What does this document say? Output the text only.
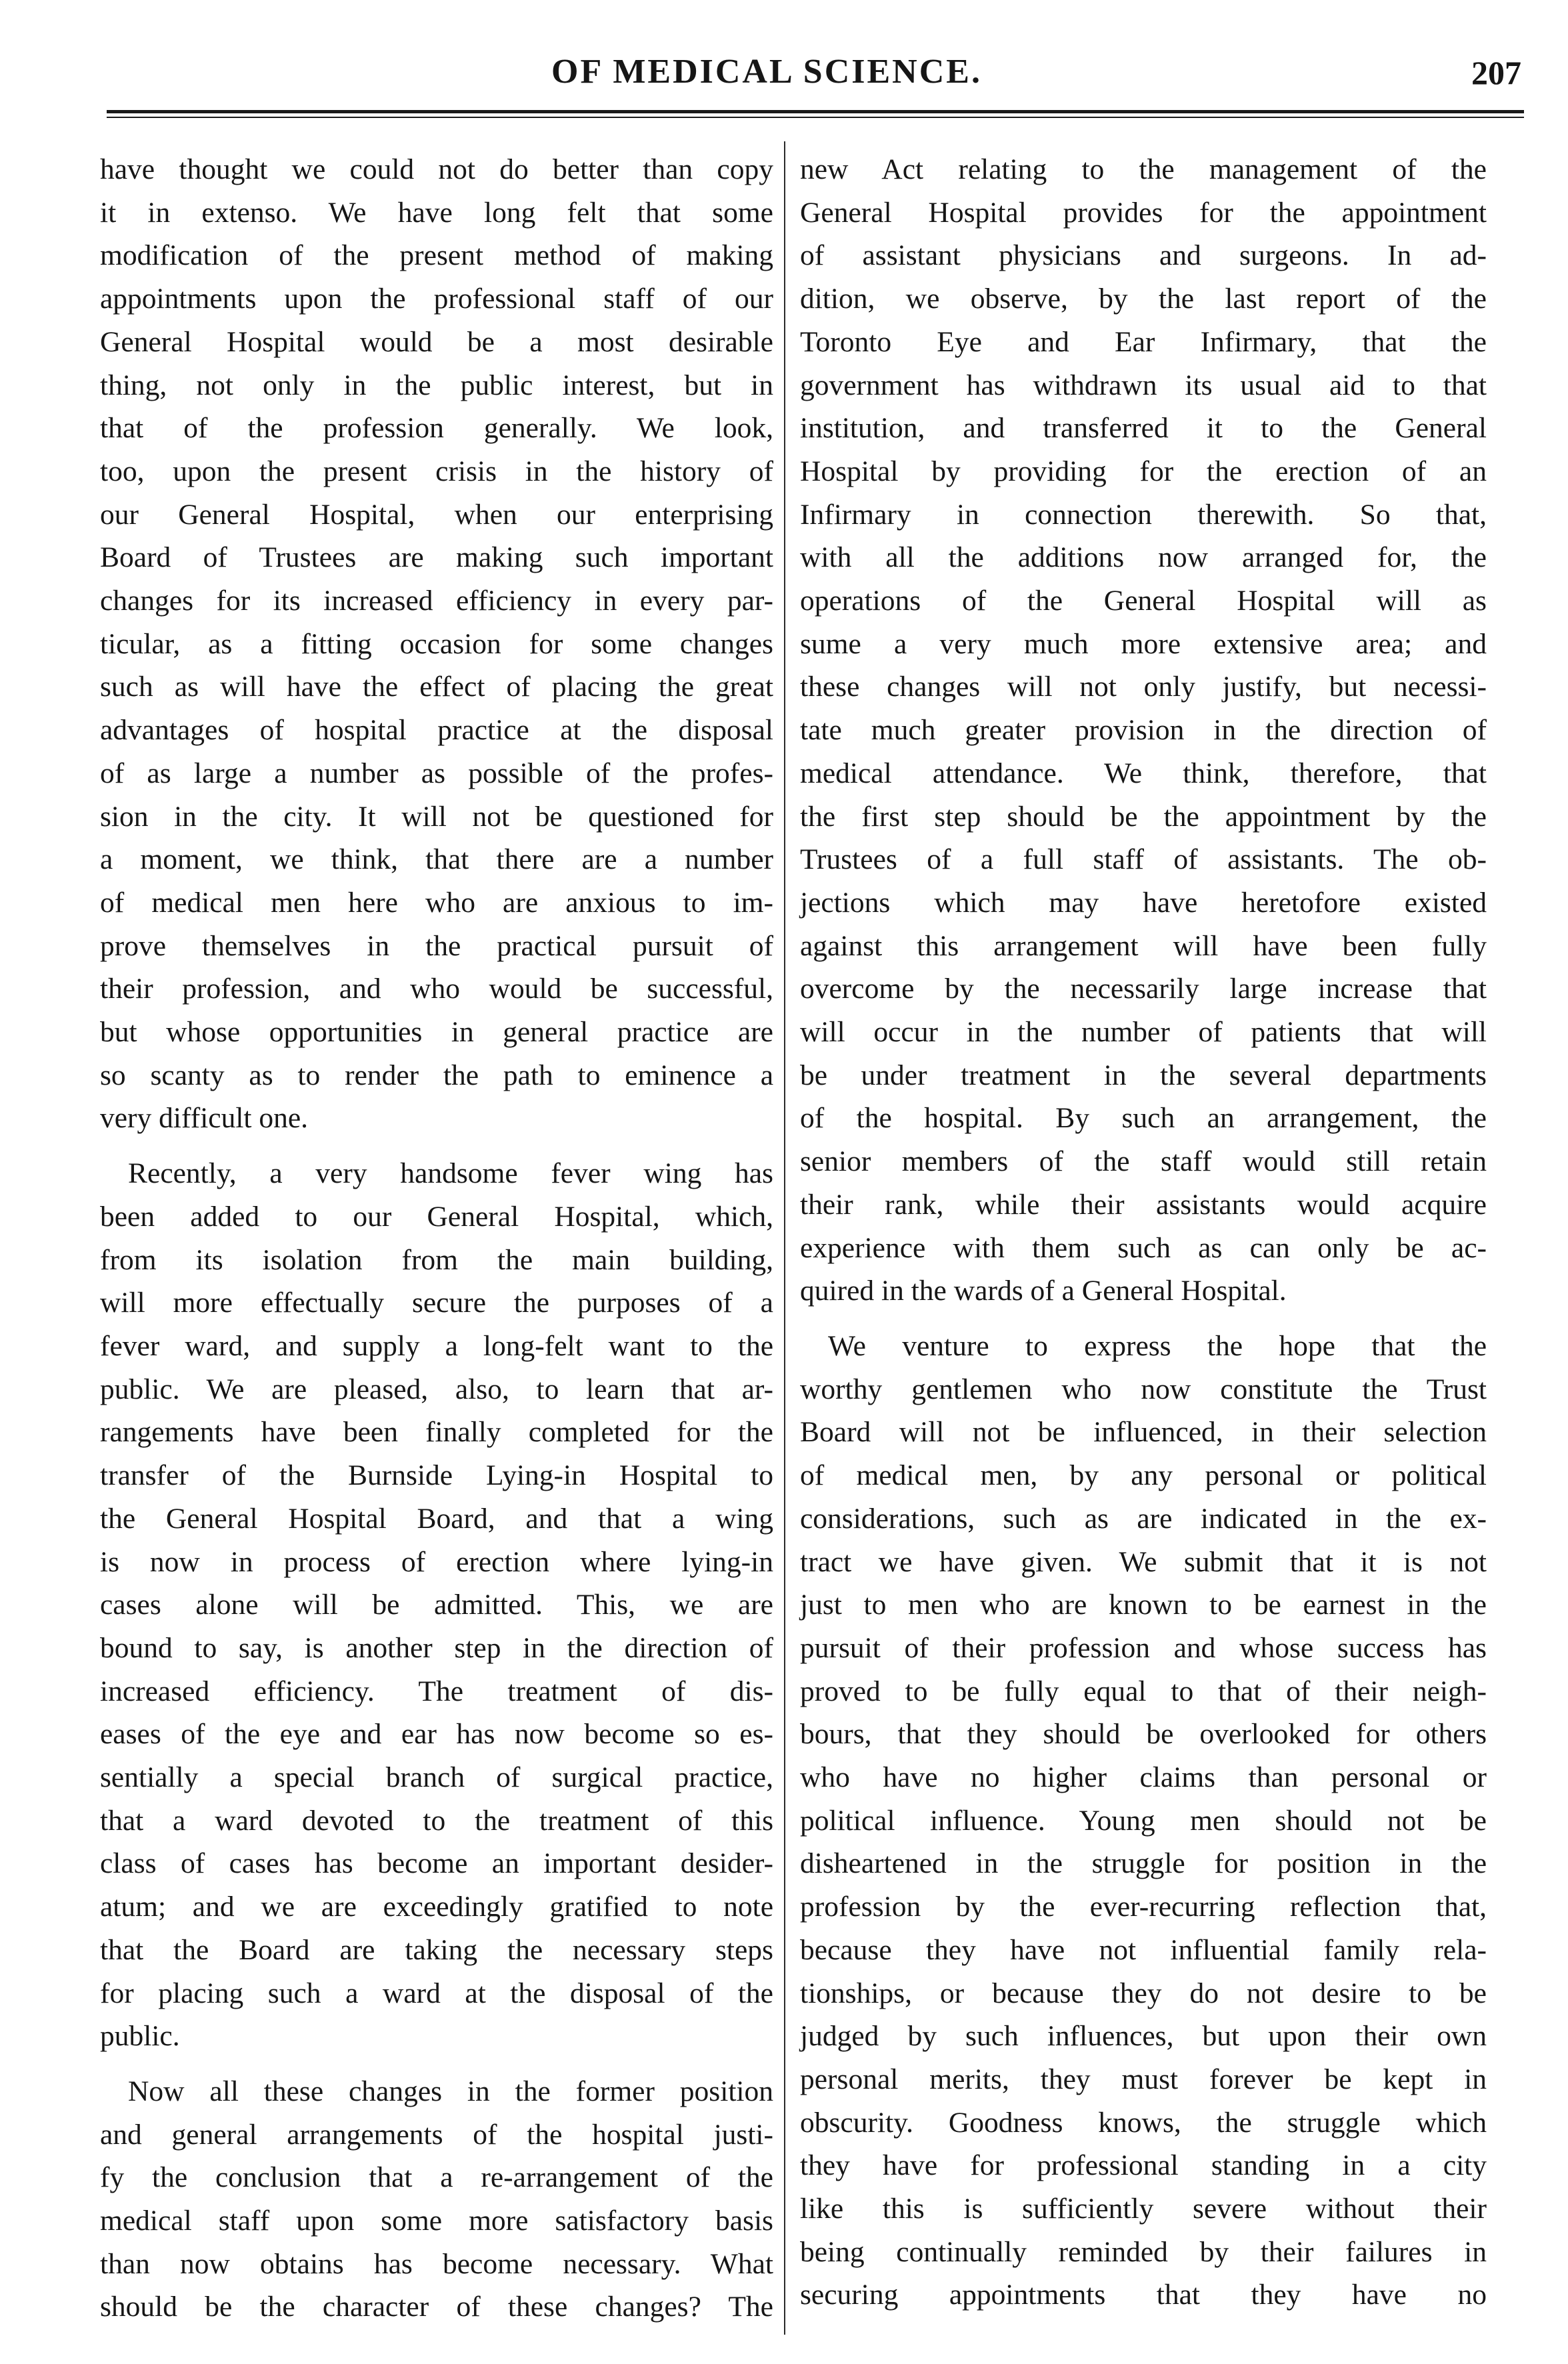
OF MEDICAL SCIENCE.	207
have thought we could not do better than copy
it in extenso. We have long felt that some
modification of the present method of making
appointments upon the professional staff of our
General Hospital would be a most desirable
thing, not only in the public interest, but in
that of the profession generally. We look,
too, upon the present crisis in the history of
our General Hospital, when our enterprising
Board of Trustees are making such important
changes for its increased efficiency in every par-
ticular, as a fitting occasion for some changes
such as will have the effect of placing the great
advantages of hospital practice at the disposal
of as large a number as possible of the profes-
sion in the city. It will not be questioned for
a moment, we think, that there are a number
of medical men here who are anxious to im-
prove themselves in the practical pursuit of
their profession, and who would be successful,
but whose opportunities in general practice are
so scanty as to render the path to eminence a
very difficult one.
Recently, a very handsome fever wing has
been added to our General Hospital, which,
from its isolation from the main building,
will more effectually secure the purposes of a
fever ward, and supply a long-felt want to the
public. We are pleased, also, to learn that ar-
rangements have been finally completed for the
transfer of the Burnside Lying-in Hospital to
the General Hospital Board, and that a wing
is now in process of erection where lying-in
cases alone will be admitted. This, we are
bound to say, is another step in the direction of
increased efficiency. The treatment of dis-
eases of the eye and ear has now become so es-
sentially a special branch of surgical practice,
that a ward devoted to the treatment of this
class of cases has become an important desider-
atum; and we are exceedingly gratified to note
that the Board are taking the necessary steps
for placing such a ward at the disposal of the
public.
Now all these changes in the former position
and general arrangements of the hospital justi-
fy the conclusion that a re-arrangement of the
medical staff upon some more satisfactory basis
than now obtains has become necessary. What
should be the character of these changes? The
new Act relating to the management of the
General Hospital provides for the appointment
of assistant physicians and surgeons. In ad-
dition, we observe, by the last report of the
Toronto Eye and Ear Infirmary, that the
government has withdrawn its usual aid to that
institution, and transferred it to the General
Hospital by providing for the erection of an
Infirmary in connection therewith. So that,
with all the additions now arranged for, the
operations of the General Hospital will as
sume a very much more extensive area; and
these changes will not only justify, but necessi-
tate much greater provision in the direction of
medical attendance. We think, therefore, that
the first step should be the appointment by the
Trustees of a full staff of assistants. The ob-
jections which may have heretofore existed
against this arrangement will have been fully
overcome by the necessarily large increase that
will occur in the number of patients that will
be under treatment in the several departments
of the hospital. By such an arrangement, the
senior members of the staff would still retain
their rank, while their assistants would acquire
experience with them such as can only be ac-
quired in the wards of a General Hospital.
We venture to express the hope that the
worthy gentlemen who now constitute the Trust
Board will not be influenced, in their selection
of medical men, by any personal or political
considerations, such as are indicated in the ex-
tract we have given. We submit that it is not
just to men who are known to be earnest in the
pursuit of their profession and whose success has
proved to be fully equal to that of their neigh-
bours, that they should be overlooked for others
who have no higher claims than personal or
political influence. Young men should not be
disheartened in the struggle for position in the
profession by the ever-recurring reflection that,
because they have not influential family rela-
tionships, or because they do not desire to be
judged by such influences, but upon their own
personal merits, they must forever be kept in
obscurity. Goodness knows, the struggle which
they have for professional standing in a city
like this is sufficiently severe without their
being continually reminded by their failures in
securing appointments that they have no
